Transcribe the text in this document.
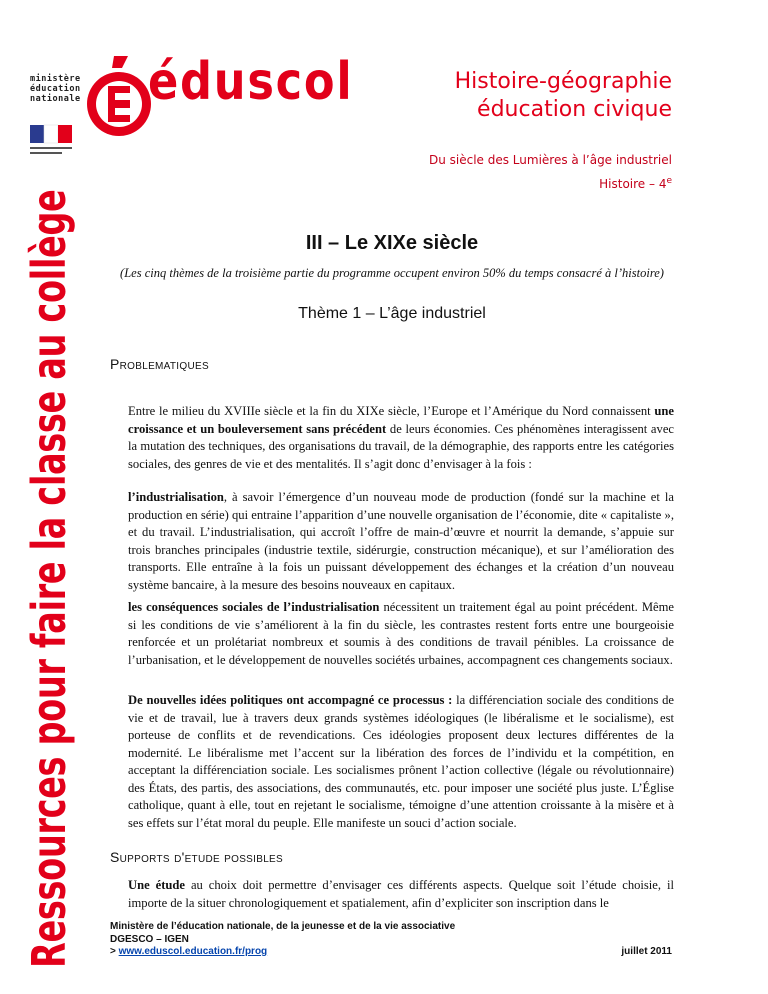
ministère
éducation
nationale éduscol	Histoire-géographie
éducation civique
Du siècle des Lumières à l’âge industriel
Histoire – 4e
Ressources pour faire la classe au collège	III – Le XIXe siècle
(Les cinq thèmes de la troisième partie du programme occupent environ 50% du temps consacré à l’histoire)
Thème 1 – L’âge industriel
Problematiques
Entre le milieu du XVIIIe siècle et la fin du XIXe siècle, l’Europe et l’Amérique du Nord connaissent une croissance et un bouleversement sans précédent de leurs économies. Ces phénomènes interagissent avec la mutation des techniques, des organisations du travail, de la démographie, des rapports entre les catégories sociales, des genres de vie et des mentalités. Il s’agit donc d’envisager à la fois :
l’industrialisation, à savoir l’émergence d’un nouveau mode de production (fondé sur la machine et la production en série) qui entraine l’apparition d’une nouvelle organisation de l’économie, dite « capitaliste », et du travail. L’industrialisation, qui accroît l’offre de main-d’œuvre et nourrit la demande, s’appuie sur trois branches principales (industrie textile, sidérurgie, construction mécanique), et sur l’amélioration des transports. Elle entraîne à la fois un puissant développement des échanges et la création d’un nouveau système bancaire, à la mesure des besoins nouveaux en capitaux.
les conséquences sociales de l’industrialisation nécessitent un traitement égal au point précédent. Même si les conditions de vie s’améliorent à la fin du siècle, les contrastes restent forts entre une bourgeoisie renforcée et un prolétariat nombreux et soumis à des conditions de travail pénibles. La croissance de l’urbanisation, et le développement de nouvelles sociétés urbaines, accompagnent ces changements sociaux.
De nouvelles idées politiques ont accompagné ce processus : la différenciation sociale des conditions de vie et de travail, lue à travers deux grands systèmes idéologiques (le libéralisme et le socialisme), est porteuse de conflits et de revendications. Ces idéologies proposent deux lectures différentes de la modernité. Le libéralisme met l’accent sur la libération des forces de l’individu et la compétition, en acceptant la différenciation sociale. Les socialismes prônent l’action collective (légale ou révolutionnaire) des États, des partis, des associations, des communautés, etc. pour imposer une société plus juste. L’Église catholique, quant à elle, tout en rejetant le socialisme, témoigne d’une attention croissante à la misère et à ses effets sur l’état moral du peuple. Elle manifeste un souci d’action sociale.
Supports d'etude possibles
Une étude au choix doit permettre d’envisager ces différents aspects. Quelque soit l’étude choisie, il importe de la situer chronologiquement et spatialement, afin d’expliciter son inscription dans le
Ministère de l’éducation nationale, de la jeunesse et de la vie associative
DGESCO – IGEN
> www.eduscol.education.fr/prog	juillet 2011
